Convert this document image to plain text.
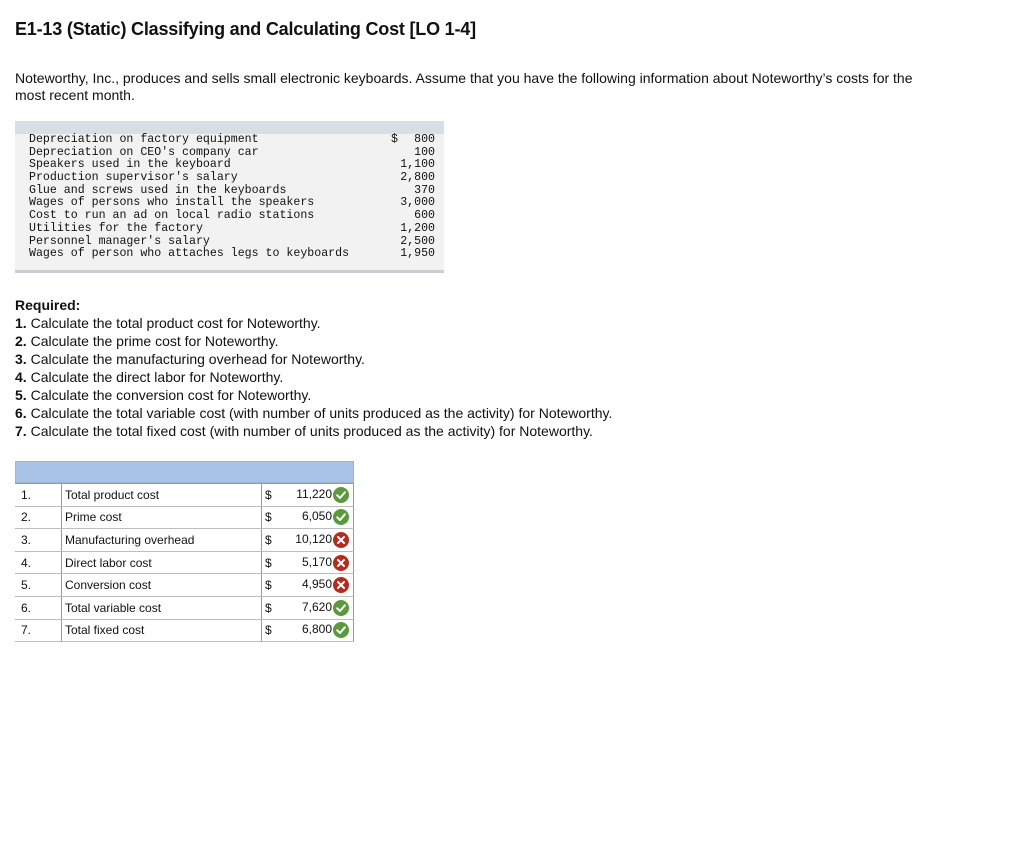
E1-13 (Static) Classifying and Calculating Cost [LO 1-4]
Noteworthy, Inc., produces and sells small electronic keyboards. Assume that you have the following information about Noteworthy’s costs for the most recent month.
Depreciation on factory equipment	$ 800
Depreciation on CEO's company car	100
Speakers used in the keyboard	1,100
Production supervisor's salary	2,800
Glue and screws used in the keyboards	370
Wages of persons who install the speakers	3,000
Cost to run an ad on local radio stations	600
Utilities for the factory	1,200
Personnel manager's salary	2,500
Wages of person who attaches legs to keyboards	1,950
Required:
1. Calculate the total product cost for Noteworthy.
2. Calculate the prime cost for Noteworthy.
3. Calculate the manufacturing overhead for Noteworthy.
4. Calculate the direct labor for Noteworthy.
5. Calculate the conversion cost for Noteworthy.
6. Calculate the total variable cost (with number of units produced as the activity) for Noteworthy.
7. Calculate the total fixed cost (with number of units produced as the activity) for Noteworthy.
1.	Total product cost	$	11,220
2.	Prime cost	$	6,050
3.	Manufacturing overhead	$	10,120
4.	Direct labor cost	$	5,170
5.	Conversion cost	$	4,950
6.	Total variable cost	$	7,620
7.	Total fixed cost	$	6,800
